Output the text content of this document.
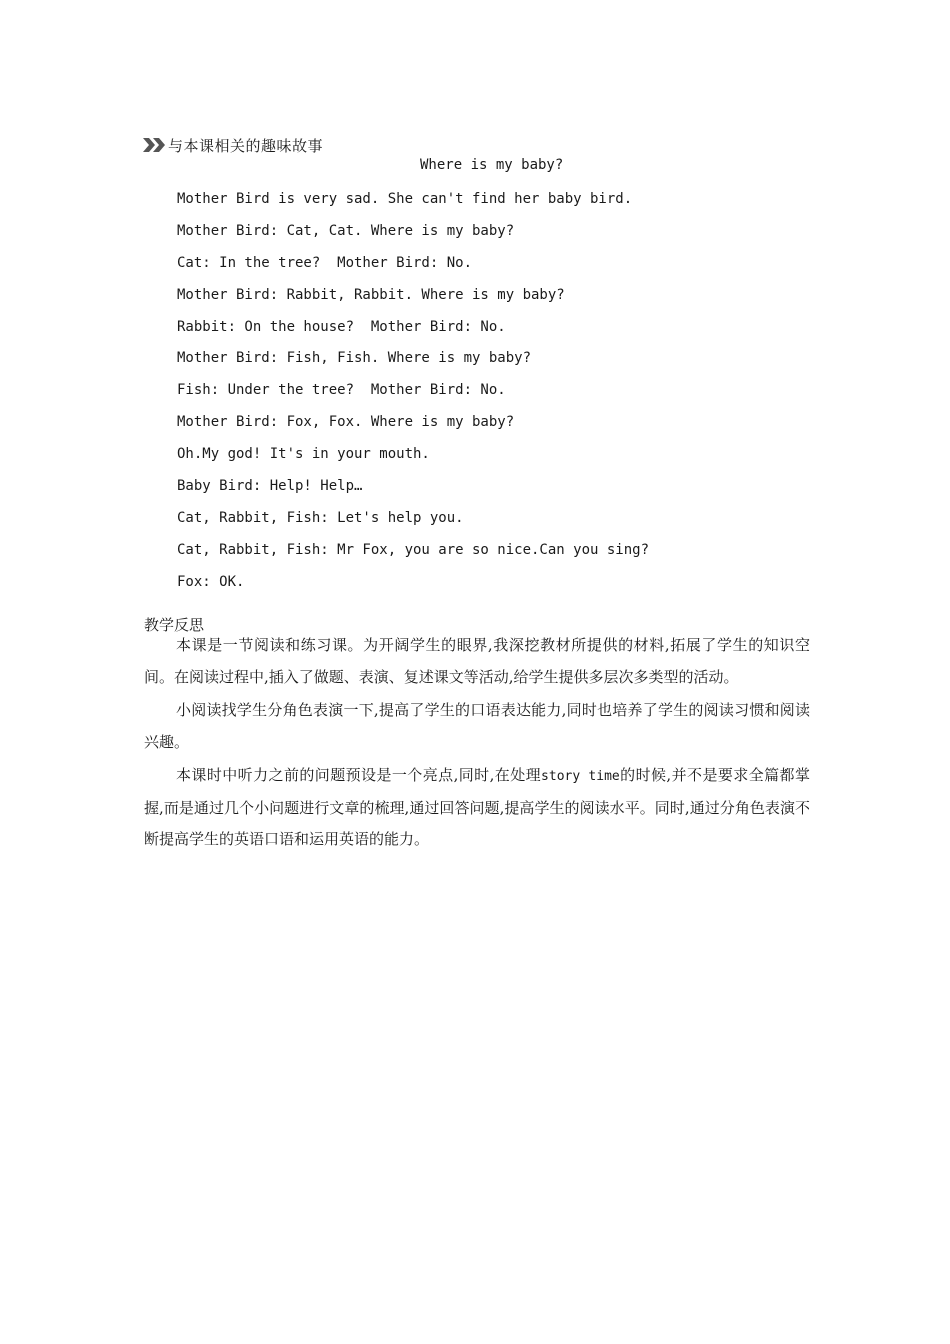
与本课相关的趣味故事
Where is my baby?
Mother Bird is very sad. She can't find her baby bird.
Mother Bird: Cat, Cat. Where is my baby?
Cat: In the tree?  Mother Bird: No.
Mother Bird: Rabbit, Rabbit. Where is my baby?
Rabbit: On the house?  Mother Bird: No.
Mother Bird: Fish, Fish. Where is my baby?
Fish: Under the tree?  Mother Bird: No.
Mother Bird: Fox, Fox. Where is my baby?
Oh.My god! It's in your mouth.
Baby Bird: Help! Help…
Cat, Rabbit, Fish: Let's help you.
Cat, Rabbit, Fish: Mr Fox, you are so nice.Can you sing?
Fox: OK.
教学反思

本课是一节阅读和练习课。为开阔学生的眼界,我深挖教材所提供的材料,拓展了学生的知识空间。在阅读过程中,插入了做题、表演、复述课文等活动,给学生提供多层次多类型的活动。

小阅读找学生分角色表演一下,提高了学生的口语表达能力,同时也培养了学生的阅读习惯和阅读兴趣。

本课时中听力之前的问题预设是一个亮点,同时,在处理story time的时候,并不是要求全篇都掌握,而是通过几个小问题进行文章的梳理,通过回答问题,提高学生的阅读水平。同时,通过分角色表演不断提高学生的英语口语和运用英语的能力。
